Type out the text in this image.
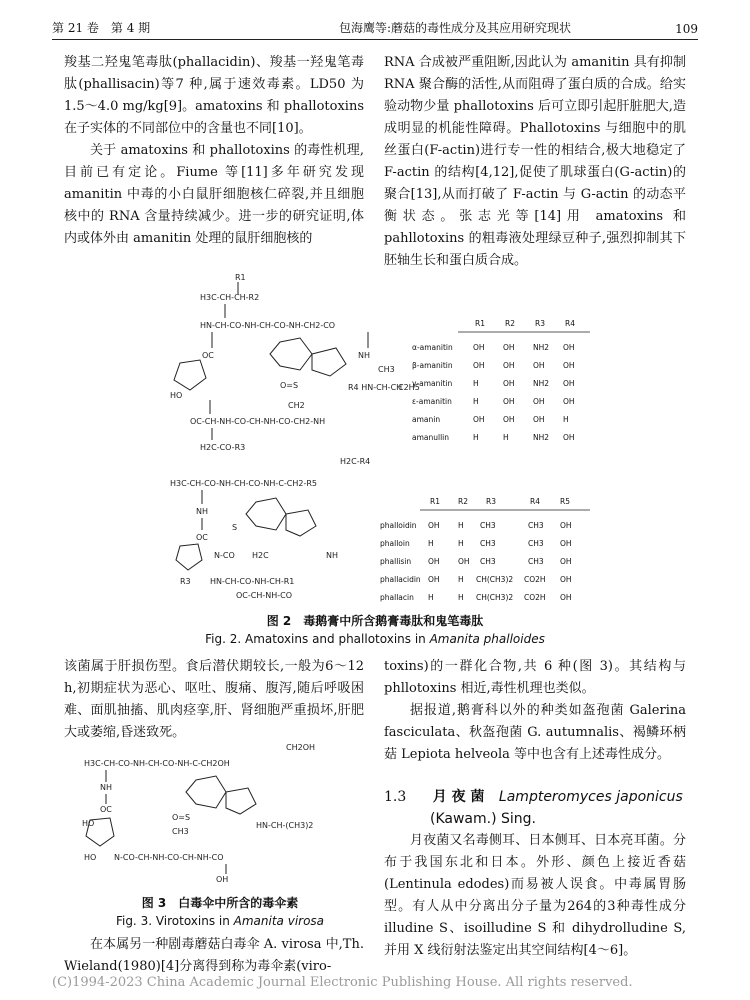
第 21 卷　第 4 期	包海鹰等:蘑菇的毒性成分及其应用研究现状	109

羧基二羟鬼笔毒肽(phallacidin)、羧基一羟鬼笔毒肽(phallisacin)等7 种,属于速效毒素。LD50 为1.5～4.0 mg/kg[9]。amatoxins 和 phallotoxins 在子实体的不同部位中的含量也不同[10]。

关于 amatoxins 和 phallotoxins 的毒性机理,目前已有定论。Fiume 等[11]多年研究发现 amanitin 中毒的小白鼠肝细胞核仁碎裂,并且细胞核中的 RNA 含量持续减少。进一步的研究证明,体内或体外由 amanitin 处理的鼠肝细胞核的

RNA 合成被严重阻断,因此认为 amanitin 具有抑制 RNA 聚合酶的活性,从而阻碍了蛋白质的合成。给实验动物少量 phallotoxins 后可立即引起肝脏肥大,造成明显的机能性障碍。Phallotoxins 与细胞中的肌丝蛋白(F-actin)进行专一性的相结合,极大地稳定了 F-actin 的结构[4,12],促使了肌球蛋白(G-actin)的聚合[13],从而打破了 F-actin 与 G-actin 的动态平衡状态。张志光等[14]用 amatoxins 和 pahllotoxins 的粗毒液处理绿豆种子,强烈抑制其下胚轴生长和蛋白质合成。

R1
H3C-CH-CH-R2
HN-CH-CO-NH-CH-CO-NH-CH2-CO
OC	NH
HO
O=S
CH2
CH3
R4 HN-CH-CH
C2H5
OC-CH-NH-CO-CH-NH-CO-CH2-NH
H2C-CO-R3
R1	R2	R3	R4
α-amanitin	OH OH NH2 OH
β-amanitin	OH OH OH OH
γ-amanitin	H	OH NH2 OH
ε-amanitin	H	OH OH OH
amanin	OH OH OH H
amanullin	H	H	NH2 OH
H2C-R4
H3C-CH-CO-NH-CH-CO-NH-C-CH2-R5
NH
OC
S
N-CO H2C	NH
R3 HN-CH-CO-NH-CH-R1
OC-CH-NH-CO
R1 R2 R3	R4	R5
phalloidin OH H CH3	CH3 OH
phalloin H	H CH3	CH3 OH
phallisin OH OH CH3	CH3 OH
phallacidin OH H CH(CH3)2 CO2H OH
phallacin H	H CH(CH3)2 CO2H OH
图 2　毒鹅膏中所含鹅膏毒肽和鬼笔毒肽
Fig. 2. Amatoxins and phallotoxins in Amanita phalloides

该菌属于肝损伤型。食后潜伏期较长,一般为6～12 h,初期症状为恶心、呕吐、腹痛、腹泻,随后呼吸困难、面肌抽搐、肌肉痉挛,肝、肾细胞严重损坏,肝肥大或萎缩,昏迷致死。

toxins)的一群化合物,共 6 种(图 3)。其结构与 phllotoxins 相近,毒性机理也类似。

据报道,鹅膏科以外的种类如盔孢菌 Galerina fasciculata、秋盔孢菌 G. autumnalis、褐鳞环柄菇 Lepiota helveola 等中也含有上述毒性成分。

1.3 月 夜 菌 Lampteromyces japonicus
(Kawam.) Sing.

月夜菌又名毒侧耳、日本侧耳、日本亮耳菌。分布于我国东北和日本。外形、颜色上接近香菇(Lentinula edodes)而易被人误食。中毒属胃肠型。有人从中分离出分子量为264的3种毒性成分 illudine S、isoilludine S 和 dihydrolludine S,并用 X 线衍射法鉴定出其空间结构[4～6]。

CH2OH
H3C-CH-CO-NH-CH-CO-NH-C-CH2OH
NH
OC
HO
O=S
CH3
HN-CH-(CH3)2
HO N-CO-CH-NH-CO-CH-NH-CO
OH
图 3　白毒伞中所含的毒伞素
Fig. 3. Virotoxins in Amanita virosa

在本属另一种剧毒蘑菇白毒伞 A. virosa 中,Th. Wieland(1980)[4]分离得到称为毒伞素(viro-

(C)1994-2023 China Academic Journal Electronic Publishing House. All rights reserved.
